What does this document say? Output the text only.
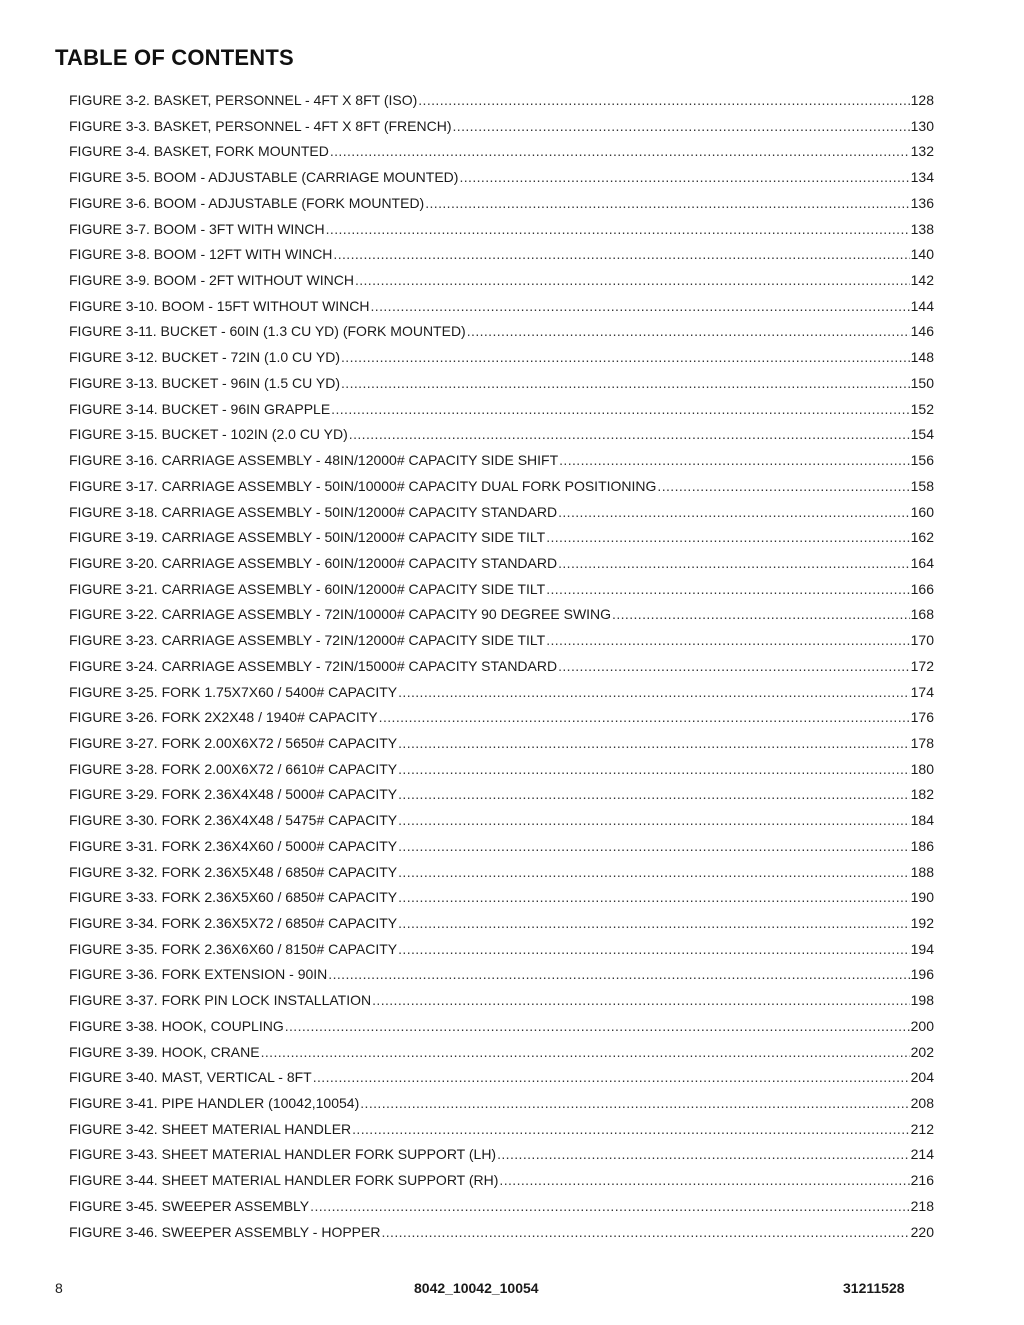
TABLE OF CONTENTS
FIGURE 3-2. BASKET, PERSONNEL - 4FT X 8FT (ISO) .....	128
FIGURE 3-3. BASKET, PERSONNEL - 4FT X 8FT (FRENCH) .....	130
FIGURE 3-4. BASKET, FORK MOUNTED .....	132
FIGURE 3-5. BOOM - ADJUSTABLE (CARRIAGE MOUNTED) .....	134
FIGURE 3-6. BOOM - ADJUSTABLE (FORK MOUNTED) .....	136
FIGURE 3-7. BOOM - 3FT WITH WINCH .....	138
FIGURE 3-8. BOOM - 12FT WITH WINCH .....	140
FIGURE 3-9. BOOM - 2FT WITHOUT WINCH .....	142
FIGURE 3-10. BOOM - 15FT WITHOUT WINCH .....	144
FIGURE 3-11. BUCKET - 60IN (1.3 CU YD) (FORK MOUNTED) .....	146
FIGURE 3-12. BUCKET - 72IN (1.0 CU YD) .....	148
FIGURE 3-13. BUCKET - 96IN (1.5 CU YD) .....	150
FIGURE 3-14. BUCKET - 96IN GRAPPLE .....	152
FIGURE 3-15. BUCKET - 102IN (2.0 CU YD) .....	154
FIGURE 3-16. CARRIAGE ASSEMBLY - 48IN/12000# CAPACITY SIDE SHIFT .....	156
FIGURE 3-17. CARRIAGE ASSEMBLY - 50IN/10000# CAPACITY DUAL FORK POSITIONING .....	158
FIGURE 3-18. CARRIAGE ASSEMBLY - 50IN/12000# CAPACITY STANDARD .....	160
FIGURE 3-19. CARRIAGE ASSEMBLY - 50IN/12000# CAPACITY SIDE TILT .....	162
FIGURE 3-20. CARRIAGE ASSEMBLY - 60IN/12000# CAPACITY STANDARD .....	164
FIGURE 3-21. CARRIAGE ASSEMBLY - 60IN/12000# CAPACITY SIDE TILT .....	166
FIGURE 3-22. CARRIAGE ASSEMBLY - 72IN/10000# CAPACITY 90 DEGREE SWING .....	168
FIGURE 3-23. CARRIAGE ASSEMBLY - 72IN/12000# CAPACITY SIDE TILT .....	170
FIGURE 3-24. CARRIAGE ASSEMBLY - 72IN/15000# CAPACITY STANDARD .....	172
FIGURE 3-25. FORK 1.75X7X60 / 5400# CAPACITY .....	174
FIGURE 3-26. FORK 2X2X48 / 1940# CAPACITY .....	176
FIGURE 3-27. FORK 2.00X6X72 / 5650# CAPACITY .....	178
FIGURE 3-28. FORK 2.00X6X72 / 6610# CAPACITY .....	180
FIGURE 3-29. FORK 2.36X4X48 / 5000# CAPACITY .....	182
FIGURE 3-30. FORK 2.36X4X48 / 5475# CAPACITY .....	184
FIGURE 3-31. FORK 2.36X4X60 / 5000# CAPACITY .....	186
FIGURE 3-32. FORK 2.36X5X48 / 6850# CAPACITY .....	188
FIGURE 3-33. FORK 2.36X5X60 / 6850# CAPACITY .....	190
FIGURE 3-34. FORK 2.36X5X72 / 6850# CAPACITY .....	192
FIGURE 3-35. FORK 2.36X6X60 / 8150# CAPACITY .....	194
FIGURE 3-36. FORK EXTENSION - 90IN .....	196
FIGURE 3-37. FORK PIN LOCK INSTALLATION .....	198
FIGURE 3-38. HOOK, COUPLING .....	200
FIGURE 3-39. HOOK, CRANE .....	202
FIGURE 3-40. MAST, VERTICAL - 8FT .....	204
FIGURE 3-41. PIPE HANDLER (10042,10054) .....	208
FIGURE 3-42. SHEET MATERIAL HANDLER .....	212
FIGURE 3-43. SHEET MATERIAL HANDLER FORK SUPPORT (LH) .....	214
FIGURE 3-44. SHEET MATERIAL HANDLER FORK SUPPORT (RH) .....	216
FIGURE 3-45. SWEEPER ASSEMBLY .....	218
FIGURE 3-46. SWEEPER ASSEMBLY - HOPPER .....	220
8	8042_10042_10054	31211528
